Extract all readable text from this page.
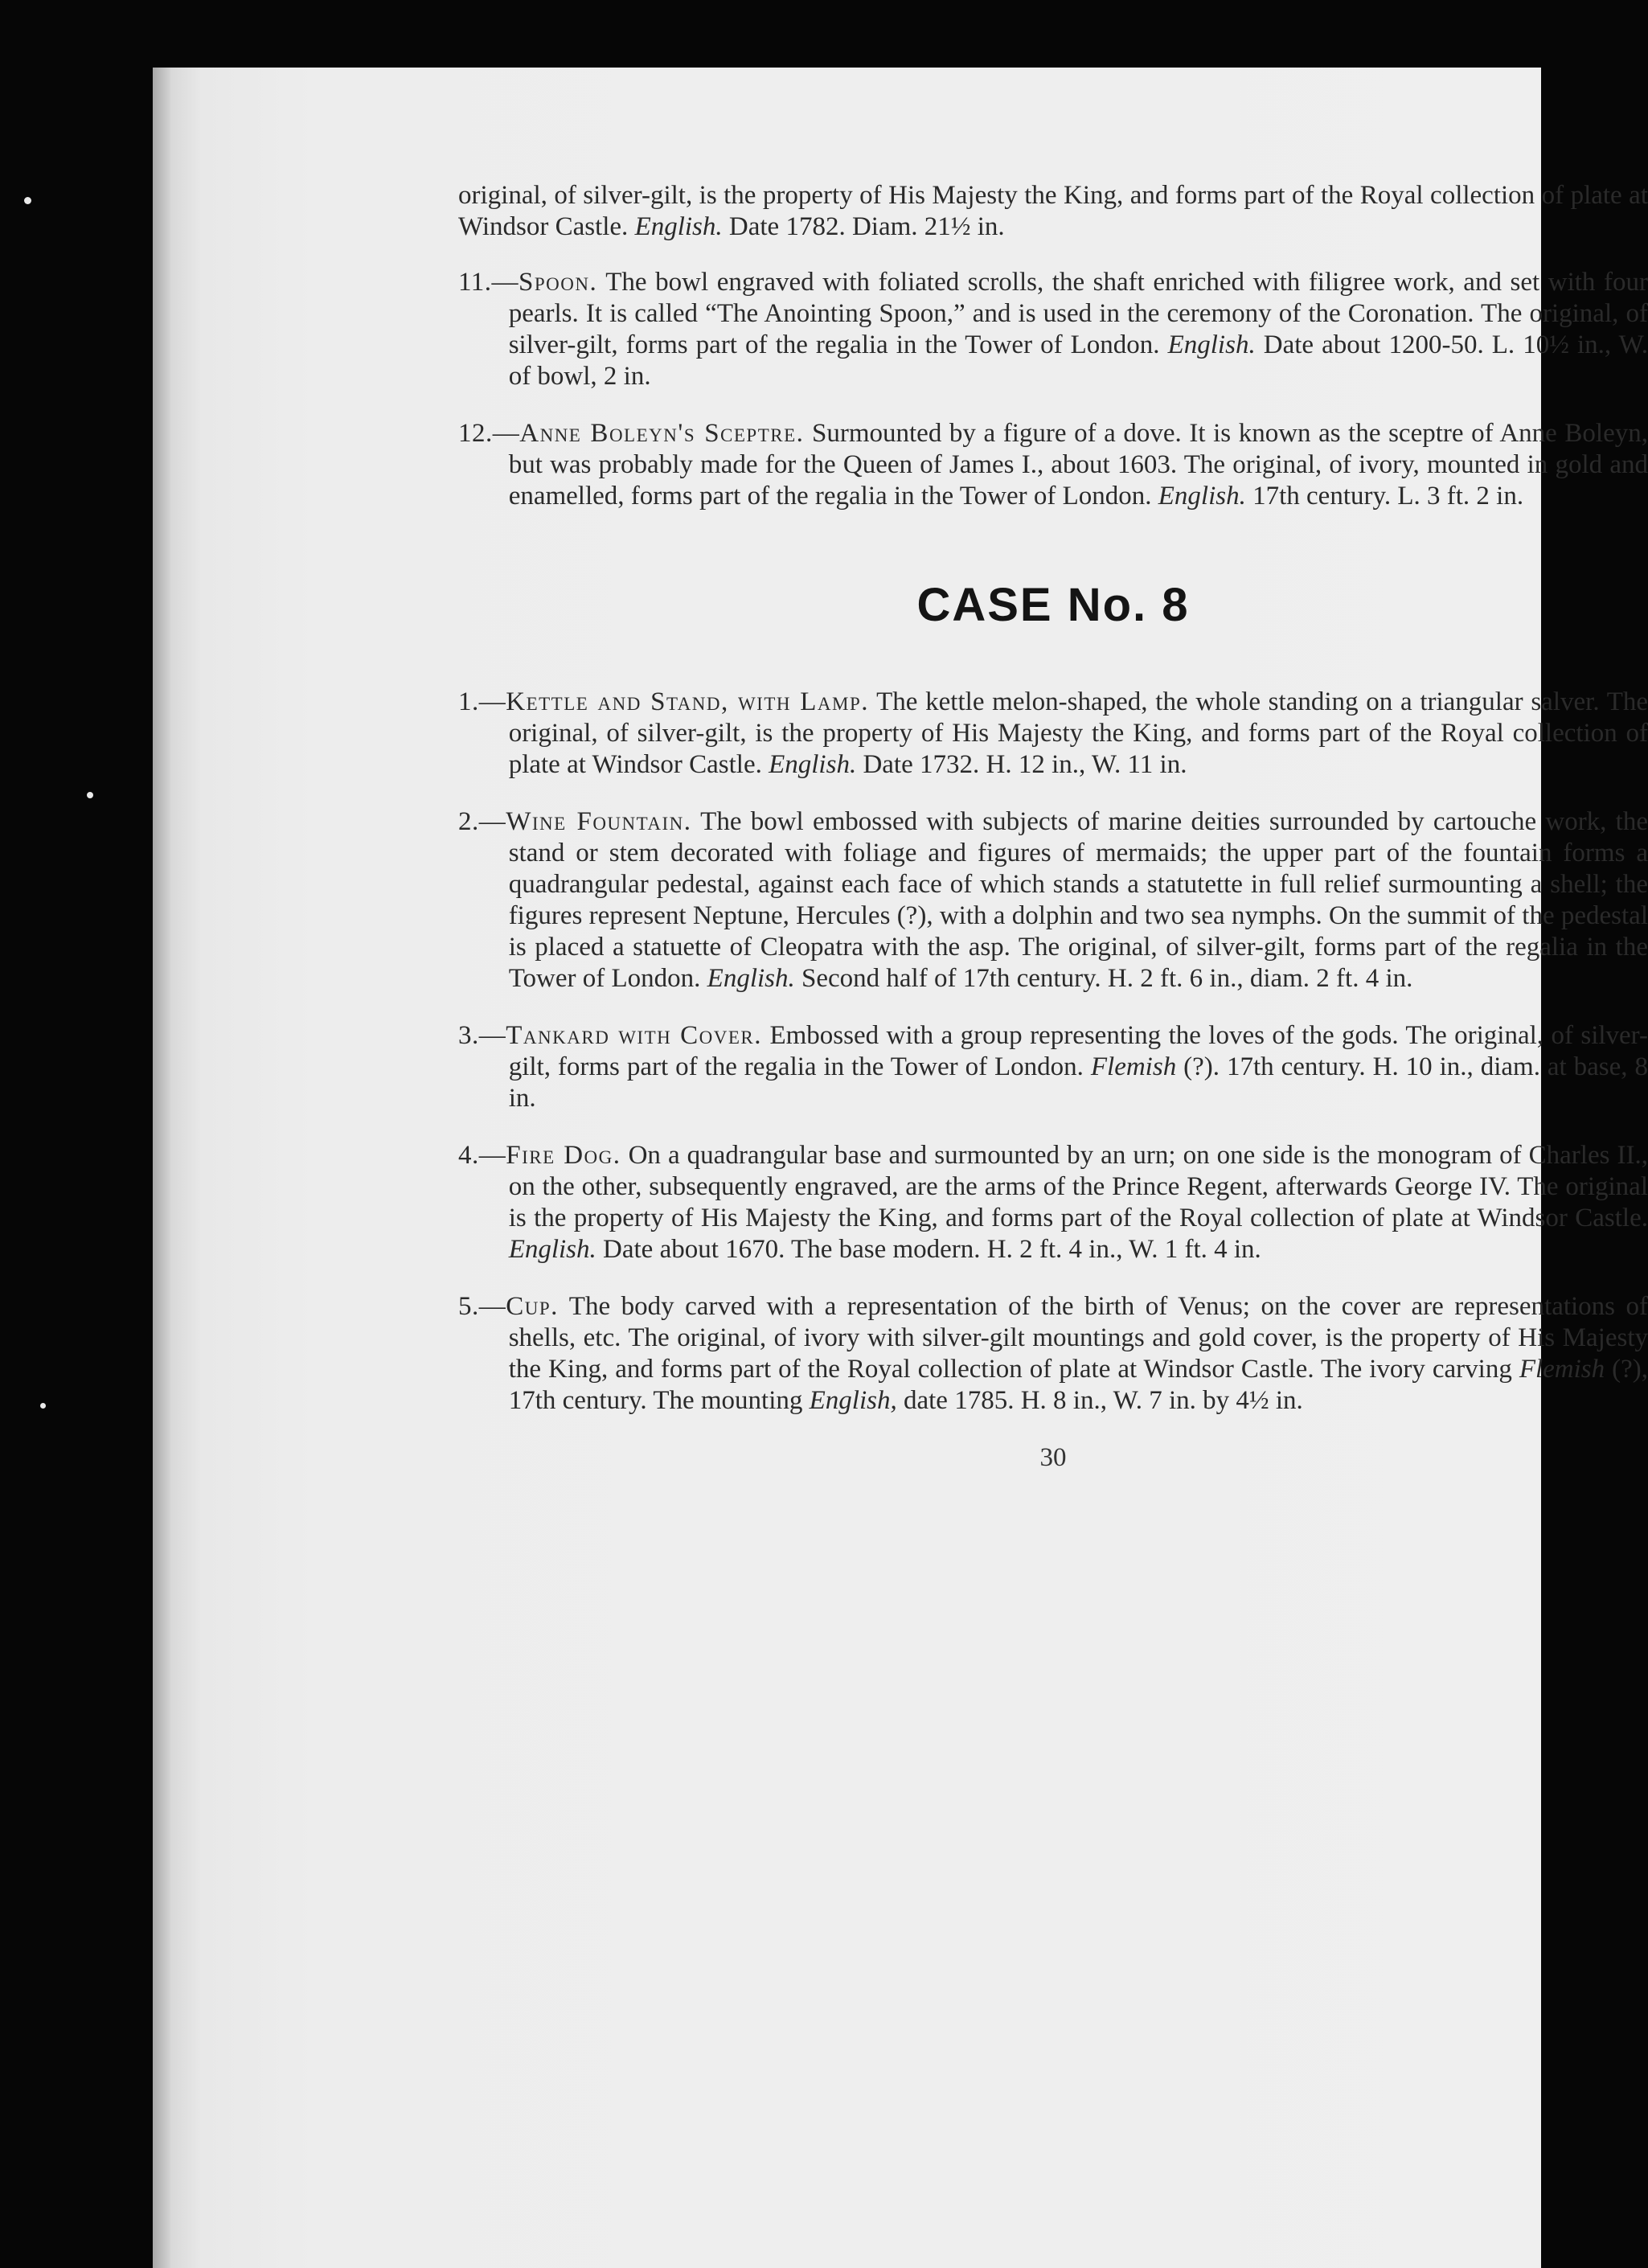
original, of silver-gilt, is the property of His Majesty the King, and forms part of the Royal collection of plate at Windsor Castle. English. Date 1782. Diam. 21½ in.

11.—Spoon. The bowl engraved with foliated scrolls, the shaft enriched with filigree work, and set with four pearls. It is called “The Anointing Spoon,” and is used in the ceremony of the Coronation. The original, of silver-gilt, forms part of the regalia in the Tower of London. English. Date about 1200-50. L. 10½ in., W. of bowl, 2 in.

12.—Anne Boleyn's Sceptre. Surmounted by a figure of a dove. It is known as the sceptre of Anne Boleyn, but was probably made for the Queen of James I., about 1603. The original, of ivory, mounted in gold and enamelled, forms part of the regalia in the Tower of London. English. 17th century. L. 3 ft. 2 in.

CASE No. 8

1.—Kettle and Stand, with Lamp. The kettle melon-shaped, the whole standing on a triangular salver. The original, of silver-gilt, is the property of His Majesty the King, and forms part of the Royal collection of plate at Windsor Castle. English. Date 1732. H. 12 in., W. 11 in.

2.—Wine Fountain. The bowl embossed with subjects of marine deities surrounded by cartouche work, the stand or stem decorated with foliage and figures of mermaids; the upper part of the fountain forms a quadrangular pedestal, against each face of which stands a statutette in full relief surmounting a shell; the figures represent Neptune, Hercules (?), with a dolphin and two sea nymphs. On the summit of the pedestal is placed a statuette of Cleopatra with the asp. The original, of silver-gilt, forms part of the regalia in the Tower of London. English. Second half of 17th century. H. 2 ft. 6 in., diam. 2 ft. 4 in.

3.—Tankard with Cover. Embossed with a group representing the loves of the gods. The original, of silver-gilt, forms part of the regalia in the Tower of London. Flemish (?). 17th century. H. 10 in., diam. at base, 8 in.

4.—Fire Dog. On a quadrangular base and surmounted by an urn; on one side is the monogram of Charles II., on the other, subsequently engraved, are the arms of the Prince Regent, afterwards George IV. The original is the property of His Majesty the King, and forms part of the Royal collection of plate at Windsor Castle. English. Date about 1670. The base modern. H. 2 ft. 4 in., W. 1 ft. 4 in.

5.—Cup. The body carved with a representation of the birth of Venus; on the cover are representations of shells, etc. The original, of ivory with silver-gilt mountings and gold cover, is the property of His Majesty the King, and forms part of the Royal collection of plate at Windsor Castle. The ivory carving Flemish (?), 17th century. The mounting English, date 1785. H. 8 in., W. 7 in. by 4½ in.

30
